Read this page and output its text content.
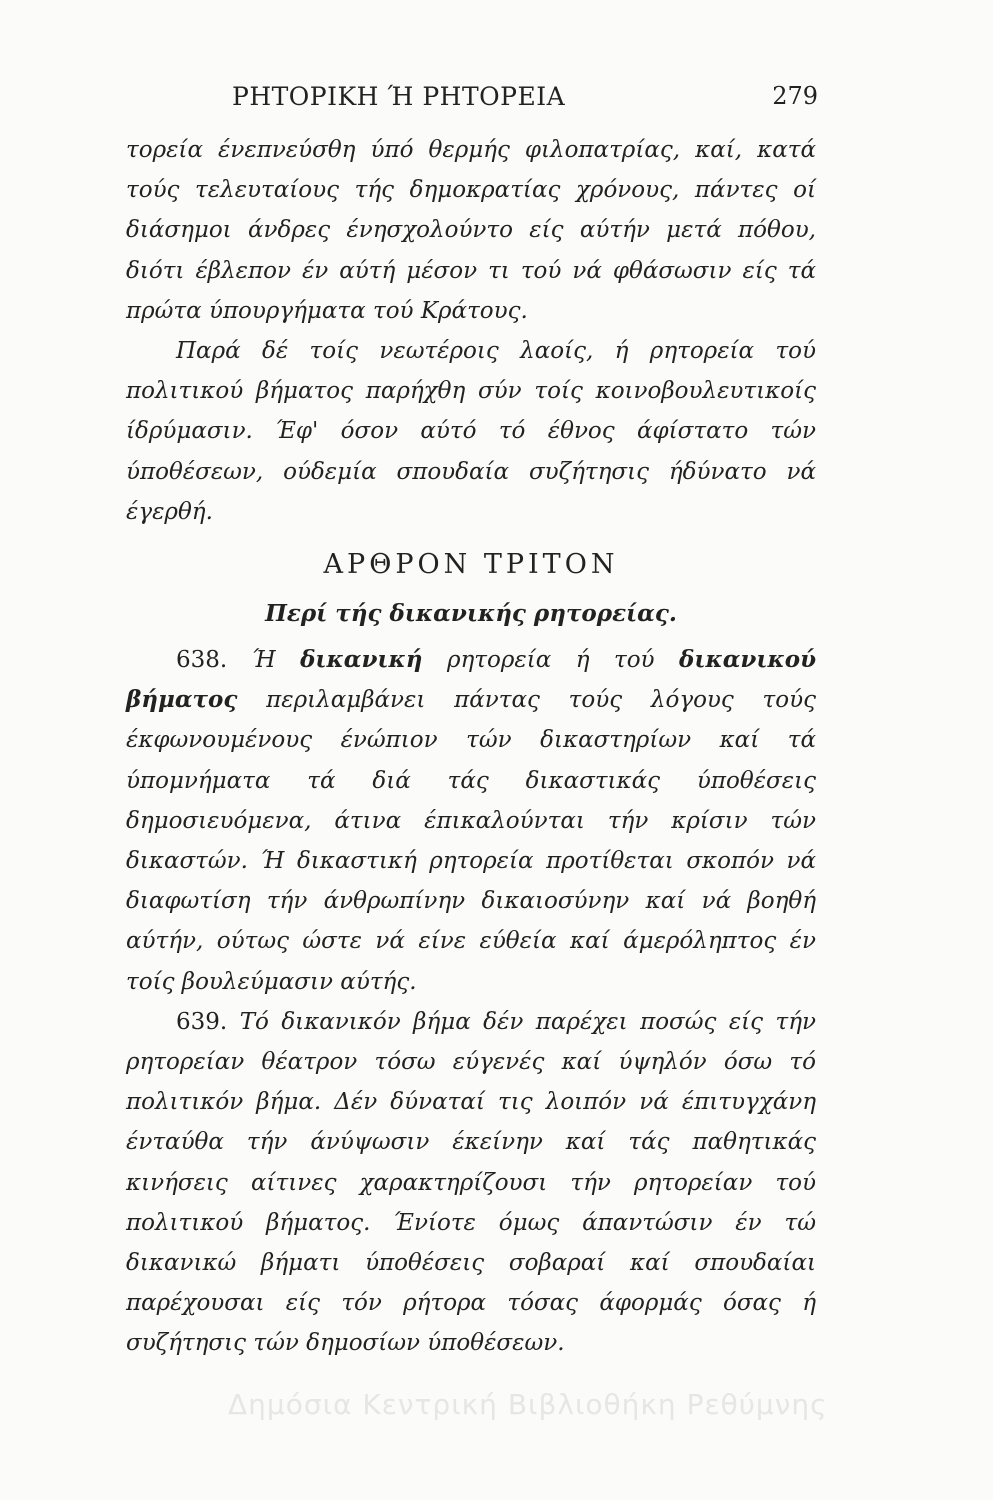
ΡΗΤΟΡΙΚΗ Ή ΡΗΤΟΡΕΙΑ	279

τορεία ένεπνεύσθη ύπό θερμής φιλοπατρίας, καί, κατά τούς τελευταίους τής δημοκρατίας χρόνους, πάντες οί διάσημοι άνδρες ένησχολούντο είς αύτήν μετά πόθου, διότι έβλεπον έν αύτή μέσον τι τού νά φθάσωσιν είς τά πρώτα ύπουργήματα τού Κράτους.

Παρά δέ τοίς νεωτέροις λαοίς, ή ρητορεία τού πολιτικού βήματος παρήχθη σύν τοίς κοινοβουλευτικοίς ίδρύμασιν. Έφ' όσον αύτό τό έθνος άφίστατο τών ύποθέσεων, ούδεμία σπουδαία συζήτησις ήδύνατο νά έγερθή.

ΑΡΘΡΟΝ ΤΡΙΤΟΝ
Περί τής δικανικής ρητορείας.

638. Ή δικανική ρητορεία ή τού δικανικού βήματος περιλαμβάνει πάντας τούς λόγους τούς έκφωνουμένους ένώπιον τών δικαστηρίων καί τά ύπομνήματα τά διά τάς δικαστικάς ύποθέσεις δημοσιευόμενα, άτινα έπικαλούνται τήν κρίσιν τών δικαστών. Ή δικαστική ρητορεία προτίθεται σκοπόν νά διαφωτίση τήν άνθρωπίνην δικαιοσύνην καί νά βοηθή αύτήν, ούτως ώστε νά είνε εύθεία καί άμερόληπτος έν τοίς βουλεύμασιν αύτής.

639. Τό δικανικόν βήμα δέν παρέχει ποσώς είς τήν ρητορείαν θέατρον τόσω εύγενές καί ύψηλόν όσω τό πολιτικόν βήμα. Δέν δύναταί τις λοιπόν νά έπιτυγχάνη ένταύθα τήν άνύψωσιν έκείνην καί τάς παθητικάς κινήσεις αίτινες χαρακτηρίζουσι τήν ρητορείαν τού πολιτικού βήματος. Ένίοτε όμως άπαντώσιν έν τώ δικανικώ βήματι ύποθέσεις σοβαραί καί σπουδαίαι παρέχουσαι είς τόν ρήτορα τόσας άφορμάς όσας ή συζήτησις τών δημοσίων ύποθέσεων.

Δημόσια Κεντρική Βιβλιοθήκη Ρεθύμνης
